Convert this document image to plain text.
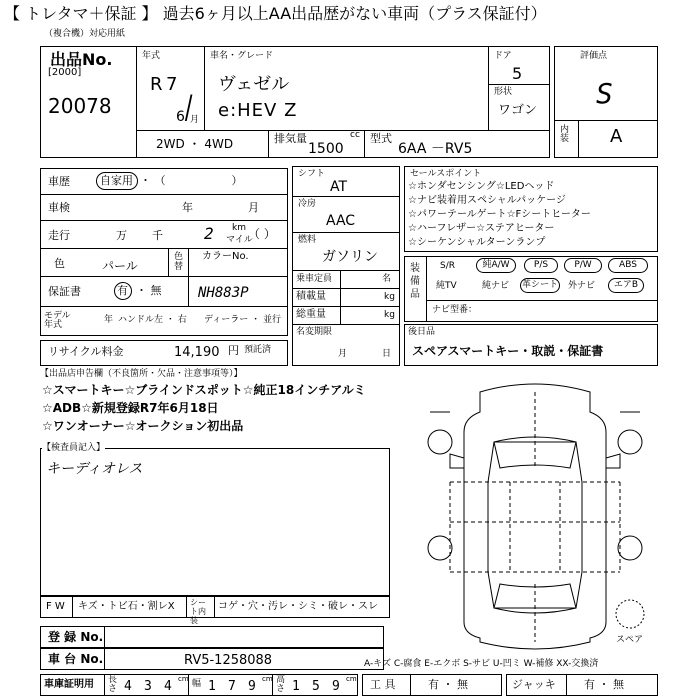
【 トレタマ＋保証 】 過去6ヶ月以上AA出品歴がない車両（プラス保証付）
（複合機）対応用紙
出品No.
[2000]
20078
年式
R 7
/
6 月
車名・グレード
ヴェゼル
e:HEV Z
ドア
5
形状
ワゴン
2WD ・ 4WD	排気量	cc
1500
型式
6AA －RV5
評価点
S
内装 A
車歴	自家用 ・ （　　　　　　）
車検	年	月
走行	万 千	2 km
マイル
（ ）
色	パール
色替
カラーNo.
保証書	有 ・ 無	NH883P
モデル年式	年 ハンドル 左 ・ 右 ディーラー ・ 並行
リサイクル料金	14,190 円 預託済
シフト
AT
冷房
AAC
燃料
ガソリン
乗車定員	名
積載量	kg
総重量	kg
名変期限
月	日
セールスポイント
☆ホンダセンシング☆LEDヘッド
☆ナビ装着用スペシャルパッケージ
☆パワーテールゲート☆Fシートヒーター
☆ハーフレザー☆ステアヒーター
☆シーケンシャルターンランプ
装備品
S/R	純A/W	P/S	P/W	ABS
純TV	純ナビ 革シート 外ナビ	エアB
ナビ型番：
後日品
スペアスマートキー・取説・保証書
【出品店申告欄（不良箇所・欠品・注意事項等）】
☆スマートキー☆ブラインドスポット☆純正18インチアルミ
☆ADB☆新規登録R7年6月18日
☆ワンオーナー☆オークション初出品
【検査員記入】
キーディオレス
F W キズ・トビ石・割レX シート内装
コゲ・穴・汚レ・シミ・破レ・スレ
登 録 No.
車 台 No.	RV5-1258088
車庫証明用 長さ 4 3 4 cm 幅 1 7 9 cm 高さ 1 5 9 cm
A-キズ C-腐食 E-エクボ S-サビ U-凹ミ W-補修 XX-交換済
工 具	有 ・ 無	ジャッキ	有 ・ 無
スペア
